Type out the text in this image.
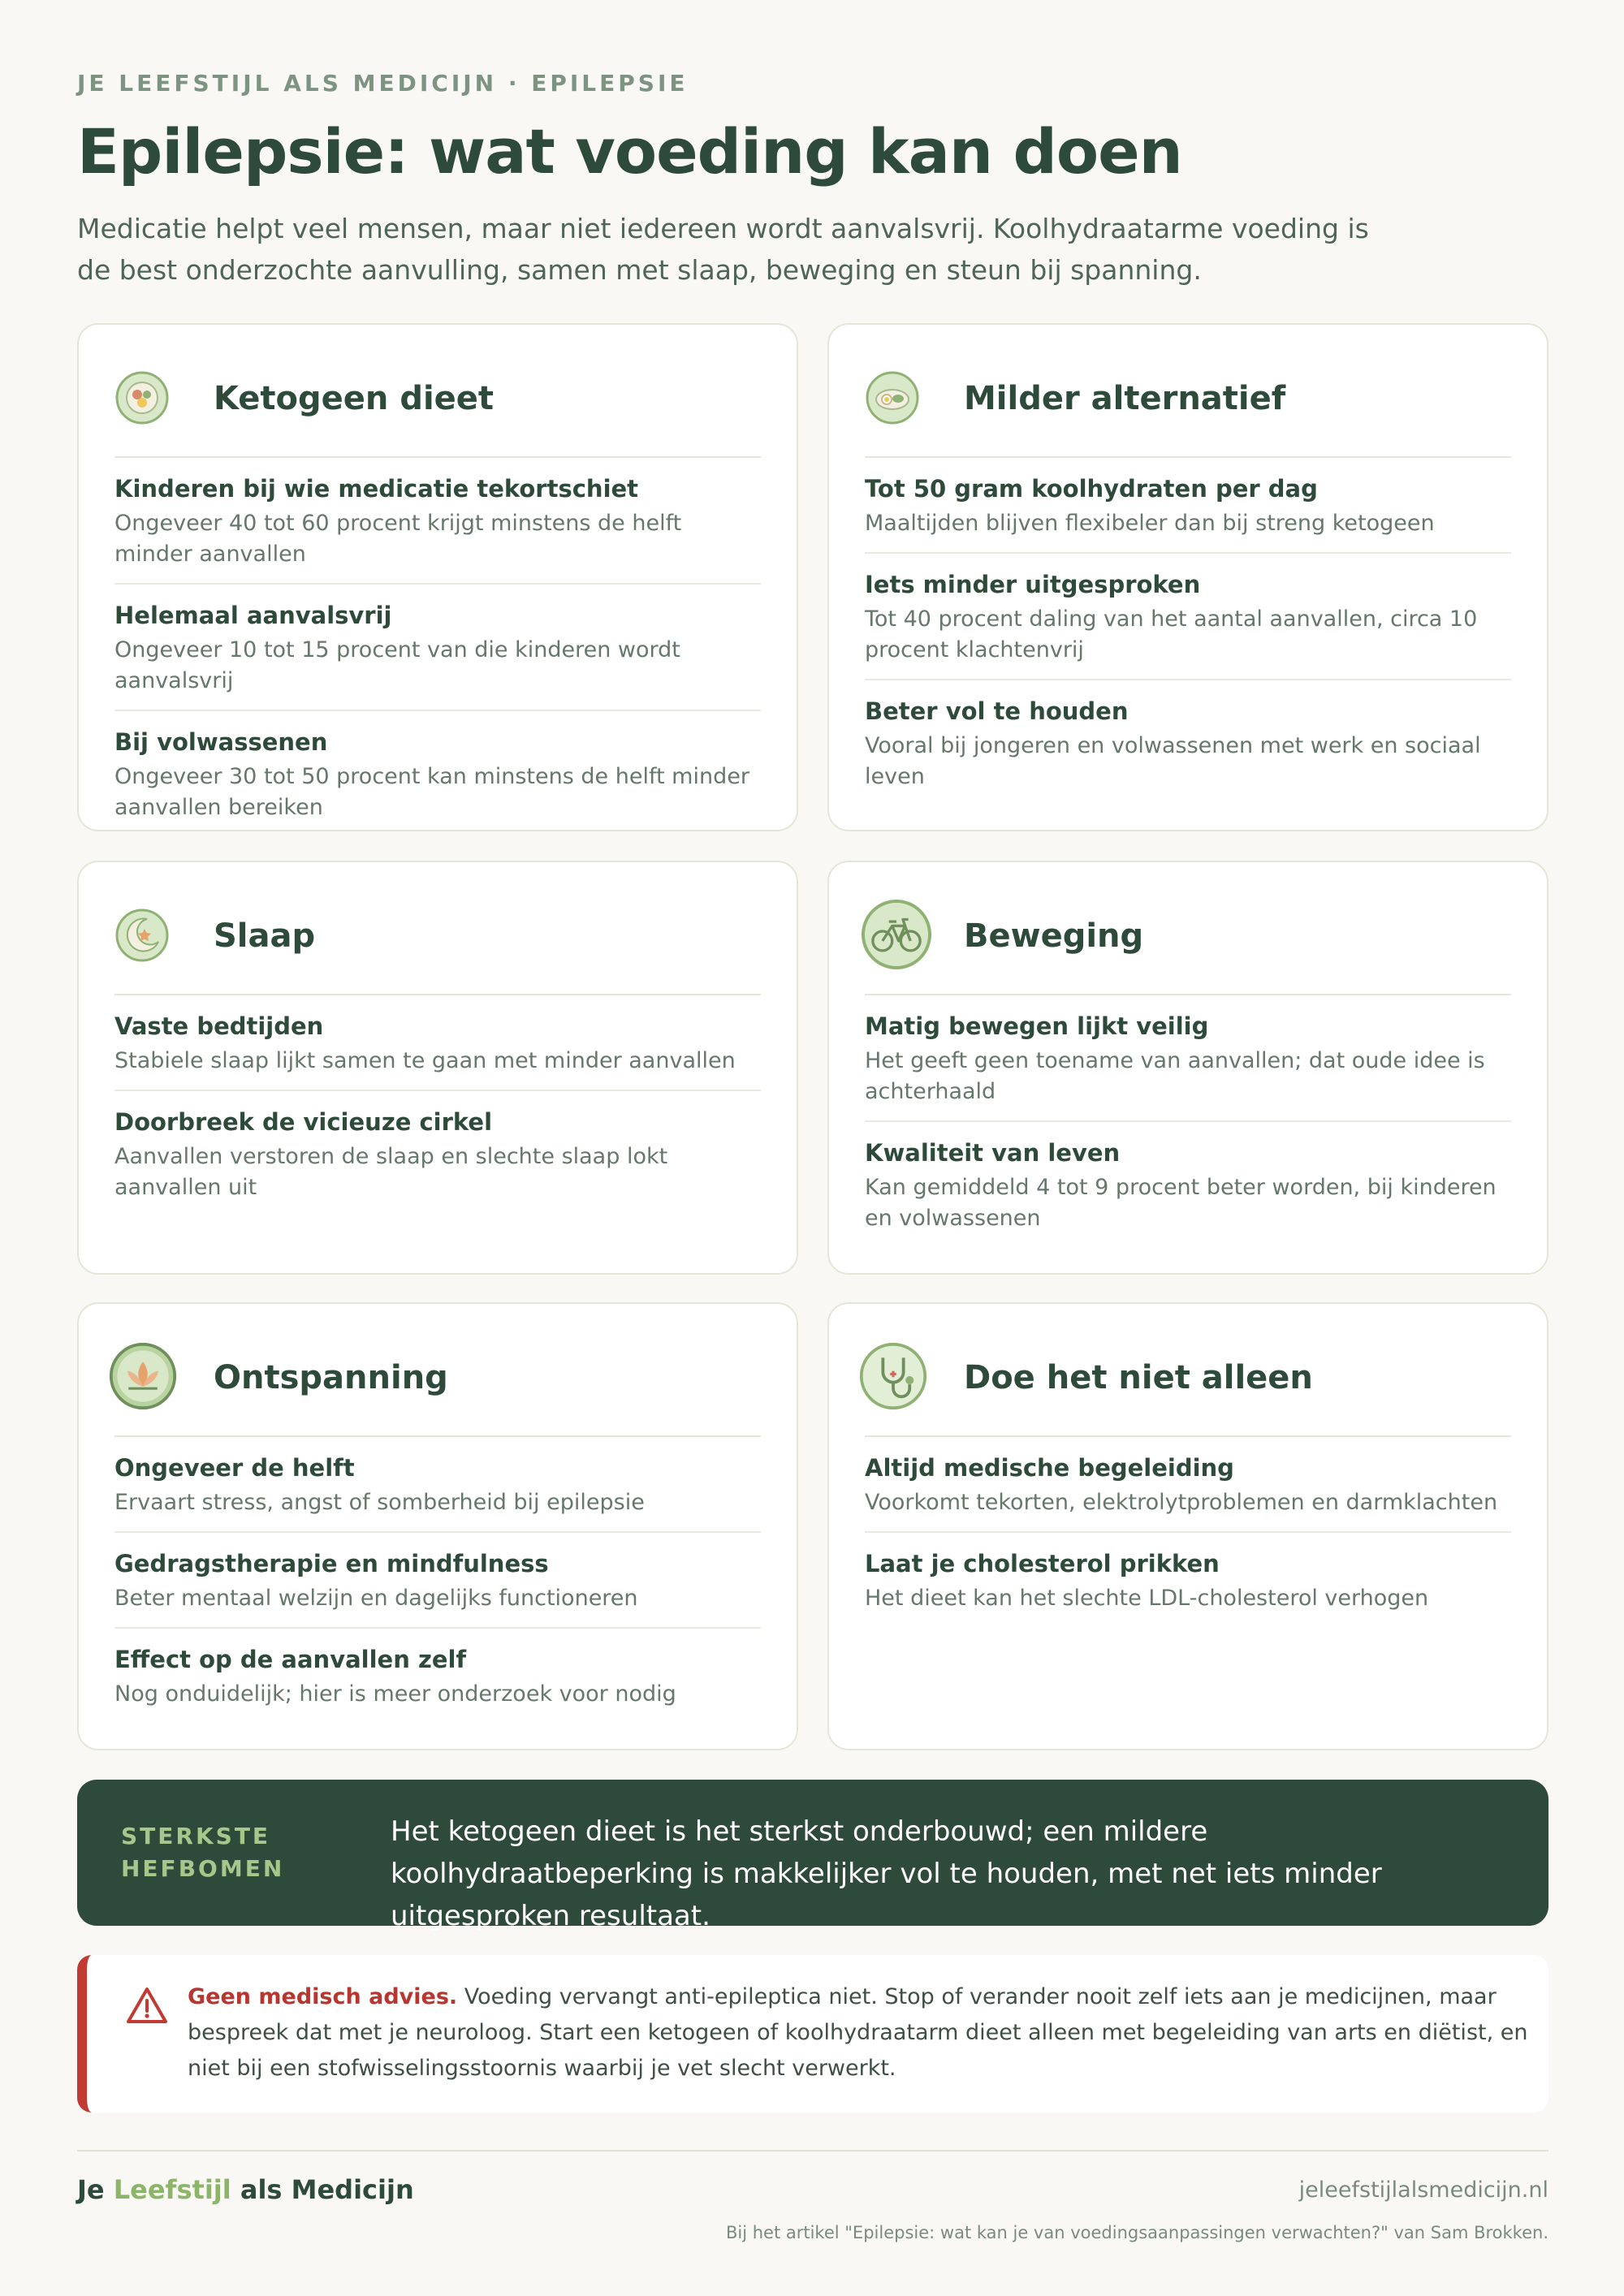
JE LEEFSTIJL ALS MEDICIJN · EPILEPSIE
Epilepsie: wat voeding kan doen

Medicatie helpt veel mensen, maar niet iedereen wordt aanvalsvrij. Koolhydraatarme voeding is de best onderzochte aanvulling, samen met slaap, beweging en steun bij spanning.

Ketogeen dieet
Kinderen bij wie medicatie tekortschiet
Ongeveer 40 tot 60 procent krijgt minstens de helft minder aanvallen
Helemaal aanvalsvrij
Ongeveer 10 tot 15 procent van die kinderen wordt aanvalsvrij
Bij volwassenen
Ongeveer 30 tot 50 procent kan minstens de helft minder aanvallen bereiken
Milder alternatief
Tot 50 gram koolhydraten per dag
Maaltijden blijven flexibeler dan bij streng ketogeen
Iets minder uitgesproken
Tot 40 procent daling van het aantal aanvallen, circa 10 procent klachtenvrij
Beter vol te houden
Vooral bij jongeren en volwassenen met werk en sociaal leven
Slaap
Vaste bedtijden
Stabiele slaap lijkt samen te gaan met minder aanvallen
Doorbreek de vicieuze cirkel
Aanvallen verstoren de slaap en slechte slaap lokt aanvallen uit
Beweging
Matig bewegen lijkt veilig
Het geeft geen toename van aanvallen; dat oude idee is achterhaald
Kwaliteit van leven
Kan gemiddeld 4 tot 9 procent beter worden, bij kinderen en volwassenen
Ontspanning
Ongeveer de helft
Ervaart stress, angst of somberheid bij epilepsie
Gedragstherapie en mindfulness
Beter mentaal welzijn en dagelijks functioneren
Effect op de aanvallen zelf
Nog onduidelijk; hier is meer onderzoek voor nodig
Doe het niet alleen
Altijd medische begeleiding
Voorkomt tekorten, elektrolytproblemen en darmklachten
Laat je cholesterol prikken
Het dieet kan het slechte LDL-cholesterol verhogen
STERKSTE HEFBOMEN
Het ketogeen dieet is het sterkst onderbouwd; een mildere koolhydraatbeperking is makkelijker vol te houden, met net iets minder uitgesproken resultaat.

Geen medisch advies. Voeding vervangt anti-epileptica niet. Stop of verander nooit zelf iets aan je medicijnen, maar bespreek dat met je neuroloog. Start een ketogeen of koolhydraatarm dieet alleen met begeleiding van arts en diëtist, en niet bij een stofwisselingsstoornis waarbij je vet slecht verwerkt.

Je Leefstijl als Medicijn	jeleefstijlalsmedicijn.nl
Bij het artikel "Epilepsie: wat kan je van voedingsaanpassingen verwachten?" van Sam Brokken.
